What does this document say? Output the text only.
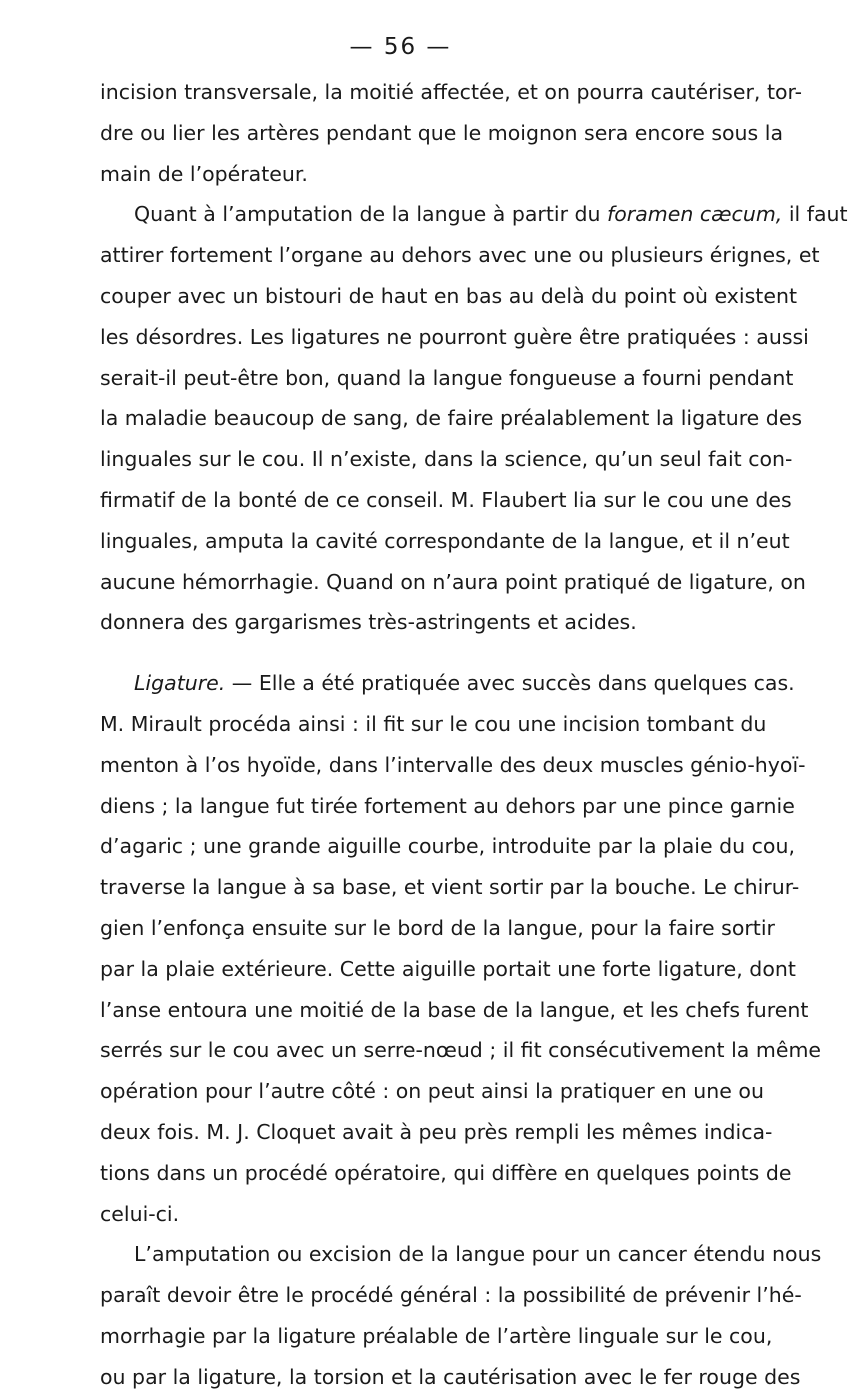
— 56 —
incision transversale, la moitié affectée, et on pourra cautériser, tor-
dre ou lier les artères pendant que le moignon sera encore sous la
main de l’opérateur.
Quant à l’amputation de la langue à partir du foramen cæcum, il faut
attirer fortement l’organe au dehors avec une ou plusieurs érignes, et
couper avec un bistouri de haut en bas au delà du point où existent
les désordres. Les ligatures ne pourront guère être pratiquées : aussi
serait-il peut-être bon, quand la langue fongueuse a fourni pendant
la maladie beaucoup de sang, de faire préalablement la ligature des
linguales sur le cou. Il n’existe, dans la science, qu’un seul fait con-
firmatif de la bonté de ce conseil. M. Flaubert lia sur le cou une des
linguales, amputa la cavité correspondante de la langue, et il n’eut
aucune hémorrhagie. Quand on n’aura point pratiqué de ligature, on
donnera des gargarismes très-astringents et acides.
Ligature. — Elle a été pratiquée avec succès dans quelques cas.
M. Mirault procéda ainsi : il fit sur le cou une incision tombant du
menton à l’os hyoïde, dans l’intervalle des deux muscles génio-hyoï-
diens ; la langue fut tirée fortement au dehors par une pince garnie
d’agaric ; une grande aiguille courbe, introduite par la plaie du cou,
traverse la langue à sa base, et vient sortir par la bouche. Le chirur-
gien l’enfonça ensuite sur le bord de la langue, pour la faire sortir
par la plaie extérieure. Cette aiguille portait une forte ligature, dont
l’anse entoura une moitié de la base de la langue, et les chefs furent
serrés sur le cou avec un serre-nœud ; il fit consécutivement la même
opération pour l’autre côté : on peut ainsi la pratiquer en une ou
deux fois. M. J. Cloquet avait à peu près rempli les mêmes indica-
tions dans un procédé opératoire, qui diffère en quelques points de
celui-ci.
L’amputation ou excision de la langue pour un cancer étendu nous
paraît devoir être le procédé général : la possibilité de prévenir l’hé-
morrhagie par la ligature préalable de l’artère linguale sur le cou,
ou par la ligature, la torsion et la cautérisation avec le fer rouge des
